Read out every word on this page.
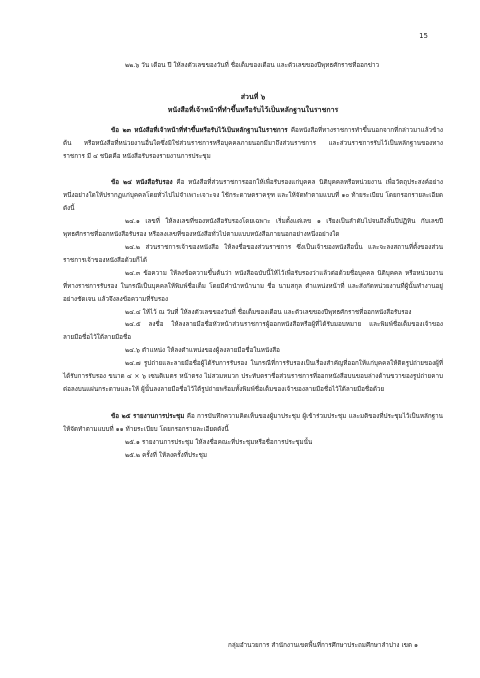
15

๒๒.๖ วัน เดือน ปี ให้ลงตัวเลขของวันที่ ชื่อเต็มของเดือน และตัวเลขของปีพุทธศักราชที่ออกข่าว

ส่วนที่ ๖

หนังสือที่เจ้าหน้าที่ทำขึ้นหรือรับไว้เป็นหลักฐานในราชการ

ข้อ ๒๓ หนังสือที่เจ้าหน้าที่ทำขึ้นหรือรับไว้เป็นหลักฐานในราชการ คือหนังสือที่ทางราชการทำขึ้นนอกจากที่กล่าวมาแล้วข้างต้น หรือหนังสือที่หน่วยงานอื่นใดซึ่งมิใช่ส่วนราชการหรือบุคคลภายนอกมีมาถึงส่วนราชการ และส่วนราชการรับไว้เป็นหลักฐานของทางราชการ มี ๔ ชนิดคือ หนังสือรับรองรายงานการประชุม

ข้อ ๒๔ หนังสือรับรอง คือ หนังสือที่ส่วนราชการออกให้เพื่อรับรองแก่บุคคล นิติบุคคลหรือหน่วยงาน เพื่อวัตถุประสงค์อย่างหนึ่งอย่างใดให้ปรากฏแก่บุคคลโดยทั่วไปไม่จำเพาะเจาะจง ใช้กระดาษตราครุฑ และให้จัดทำตามแบบที่ ๑๐ ท้ายระเบียบ โดยกรอกรายละเอียดดังนี้

๒๔.๑ เลขที่ ให้ลงเลขที่ของหนังสือรับรองโดยเฉพาะ เริ่มตั้งแต่เลข ๑ เรียงเป็นลำดับไปจนถึงสิ้นปีปฏิทิน กับเลขปีพุทธศักราชที่ออกหนังสือรับรอง หรือลงเลขที่ของหนังสือทั่วไปตามแบบหนังสือภายนอกอย่างหนึ่งอย่างใด

๒๔.๒ ส่วนราชการเจ้าของหนังสือ ให้ลงชื่อของส่วนราชการ ซึ่งเป็นเจ้าของหนังสือนั้น และจะลงสถานที่ตั้งของส่วนราชการเจ้าของหนังสือด้วยก็ได้

๒๔.๓ ข้อความ ให้ลงข้อความขึ้นต้นว่า หนังสือฉบับนี้ให้ไว้เพื่อรับรองว่าแล้วต่อด้วยชื่อบุคคล นิติบุคคล หรือหน่วยงานที่ทางราชการรับรอง ในกรณีเป็นบุคคลให้พิมพ์ชื่อเต็ม โดยมีคำนำหน้านาม ชื่อ นามสกุล ตำแหน่งหน้าที่ และสังกัดหน่วยงานที่ผู้นั้นทำงานอยู่อย่างชัดเจน แล้วจึงลงข้อความที่รับรอง

๒๔.๔ ให้ไว้ ณ วันที่ ให้ลงตัวเลขของวันที่ ชื่อเต็มของเดือน และตัวเลขของปีพุทธศักราชที่ออกหนังสือรับรอง

๒๔.๕ ลงชื่อ ให้ลงลายมือชื่อหัวหน้าส่วนราชการผู้ออกหนังสือหรือผู้ที่ได้รับมอบหมาย และพิมพ์ชื่อเต็มของเจ้าของลายมือชื่อไว้ใต้ลายมือชื่อ

๒๔.๖ ตำแหน่ง ให้ลงตำแหน่งของผู้ลงลายมือชื่อในหนังสือ

๒๔.๗ รูปถ่ายและลายมือชื่อผู้ได้รับการรับรอง ในกรณีที่การรับรองเป็นเรื่องสำคัญที่ออกให้แก่บุคคลให้ติดรูปถ่ายของผู้ที่ได้รับการรับรอง ขนาด ๔ × ๖ เซนติเมตร หน้าตรง ไม่สวมหมวก ประทับตราชื่อส่วนราชการที่ออกหนังสือบนขอบล่างด้านขวาของรูปถ่ายคาบต่อลงบนแผ่นกระดาษและให้ ผู้นั้นลงลายมือชื่อไว้ใต้รูปถ่ายพร้อมทั้งพิมพ์ชื่อเต็มของเจ้าของลายมือชื่อไว้ใต้ลายมือชื่อด้วย

ข้อ ๒๕ รายงานการประชุม คือ การบันทึกความคิดเห็นของผู้มาประชุม ผู้เข้าร่วมประชุม และมติของที่ประชุมไว้เป็นหลักฐาน ให้จัดทำตามแบบที่ ๑๑ ท้ายระเบียบ โดยกรอกรายละเอียดดังนี้

๒๕.๑ รายงานการประชุม ให้ลงชื่อคณะที่ประชุมหรือชื่อการประชุมนั้น

๒๕.๒ ครั้งที่ ให้ลงครั้งที่ประชุม

กลุ่มอำนวยการ สำนักงานเขตพื้นที่การศึกษาประถมศึกษาลำปาง เขต ๑
